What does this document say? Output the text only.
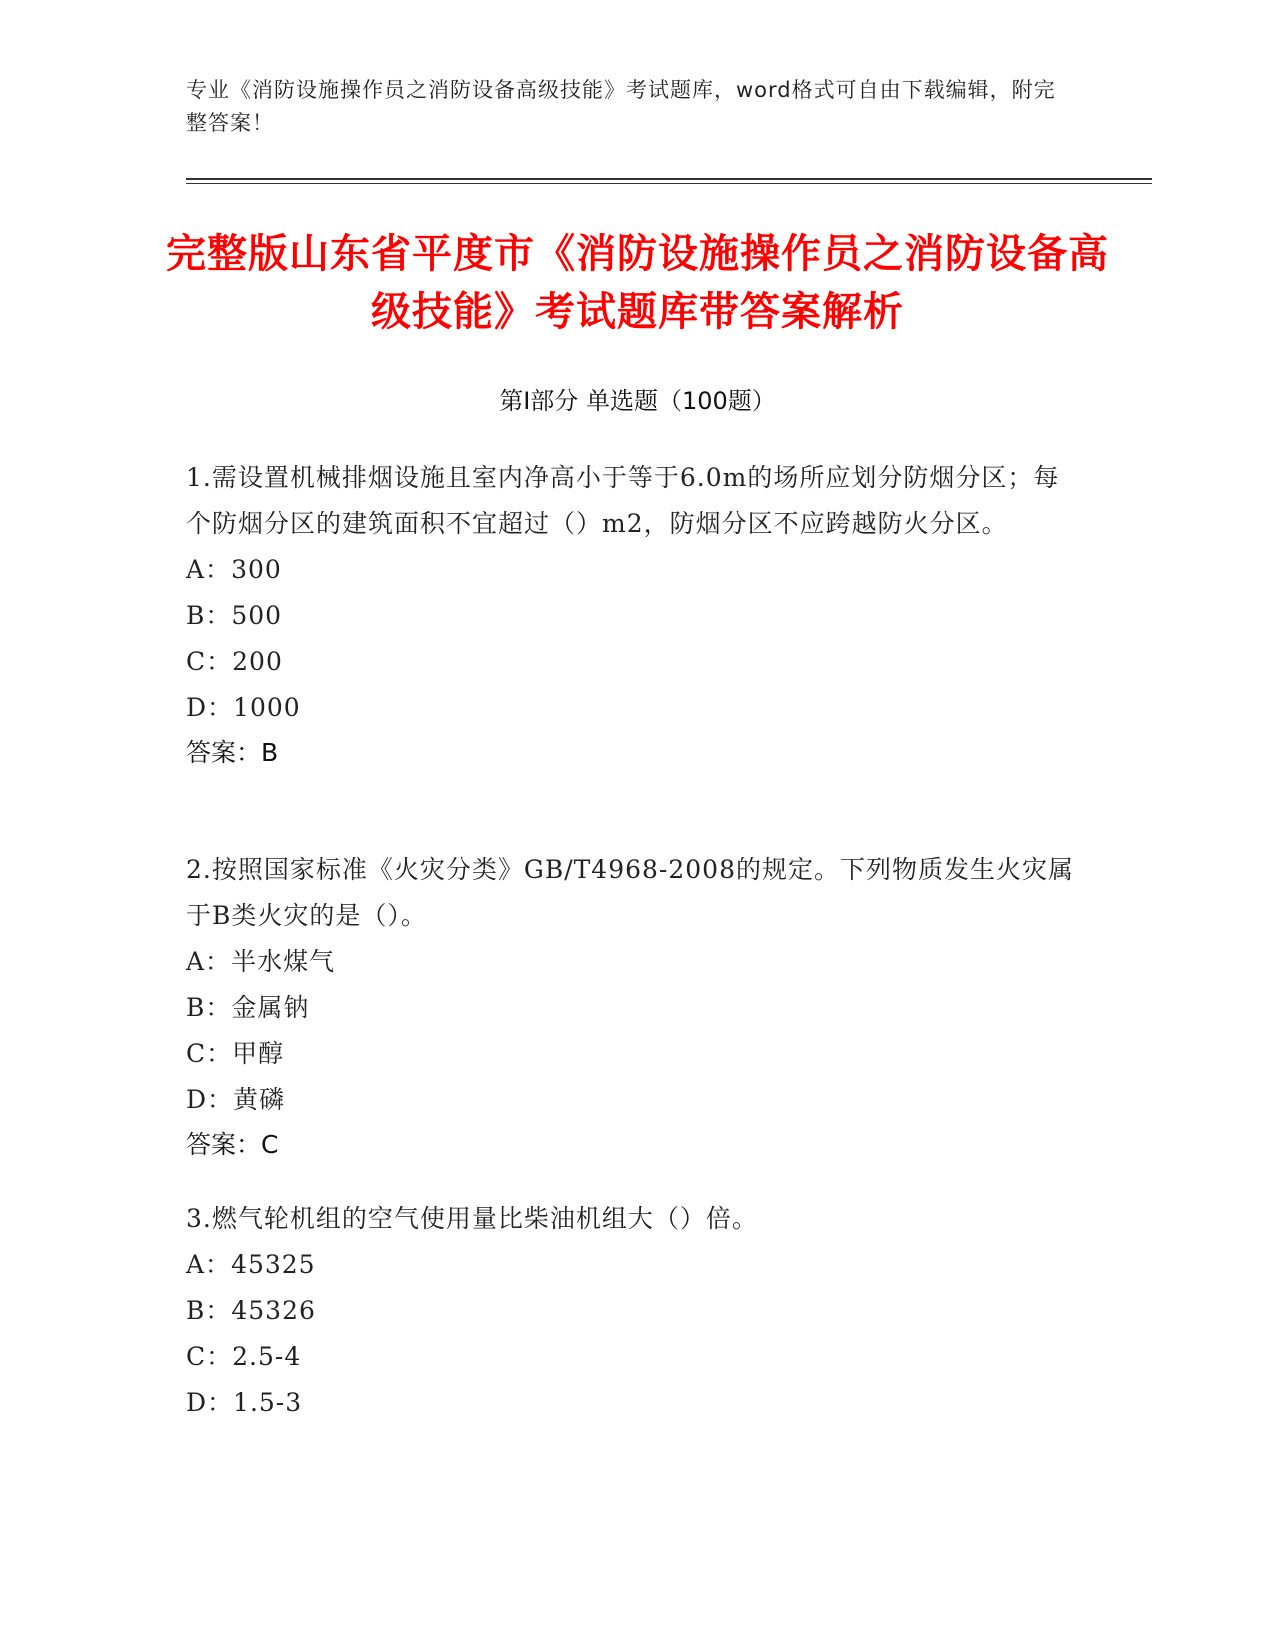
专业《消防设施操作员之消防设备高级技能》考试题库，word格式可自由下载编辑，附完整答案！
完整版山东省平度市《消防设施操作员之消防设备高级技能》考试题库带答案解析
第Ⅰ部分 单选题（100题）
1.需设置机械排烟设施且室内净高小于等于6.0m的场所应划分防烟分区；每个防烟分区的建筑面积不宜超过（）m2，防烟分区不应跨越防火分区。
A：300
B：500
C：200
D：1000
答案：B
2.按照国家标准《火灾分类》GB/T4968-2008的规定。下列物质发生火灾属于B类火灾的是（）。
A：半水煤气
B：金属钠
C：甲醇
D：黄磷
答案：C
3.燃气轮机组的空气使用量比柴油机组大（）倍。
A：45325
B：45326
C：2.5-4
D：1.5-3
